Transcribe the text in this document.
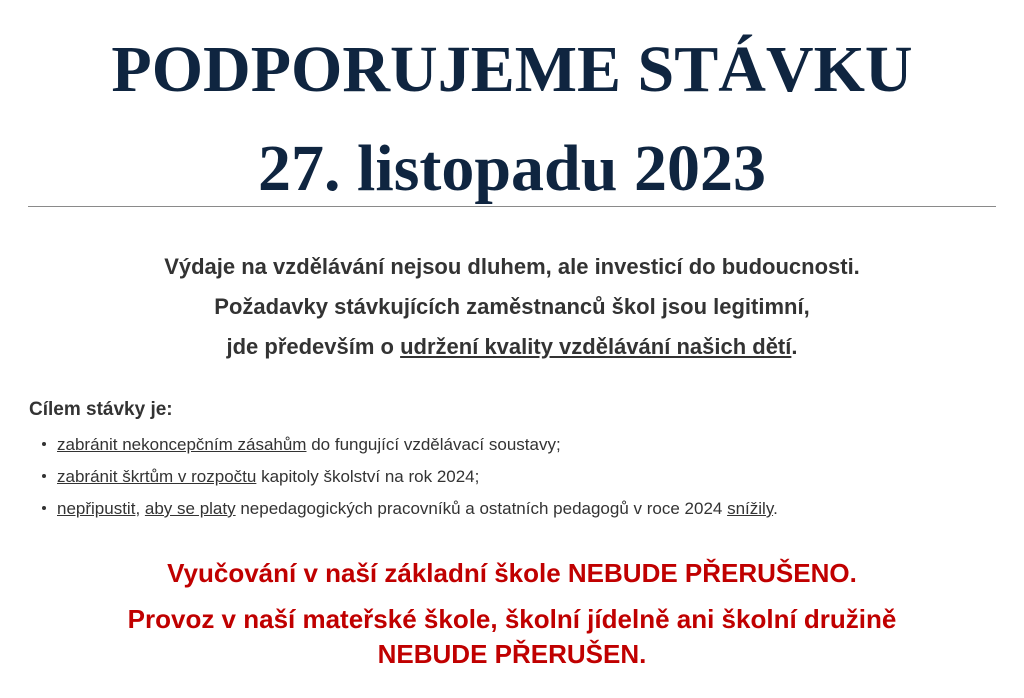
PODPORUJEME STÁVKU
27. listopadu 2023

Výdaje na vzdělávání nejsou dluhem, ale investicí do budoucnosti.

Požadavky stávkujících zaměstnanců škol jsou legitimní,

jde především o udržení kvality vzdělávání našich dětí.

Cílem stávky je:
zabránit nekoncepčním zásahům do fungující vzdělávací soustavy;
zabránit škrtům v rozpočtu kapitoly školství na rok 2024;
nepřipustit, aby se platy nepedagogických pracovníků a ostatních pedagogů v roce 2024 snížily.

Vyučování v naší základní škole NEBUDE PŘERUŠENO.

Provoz v naší mateřské škole, školní jídelně ani školní družině

NEBUDE PŘERUŠEN.
